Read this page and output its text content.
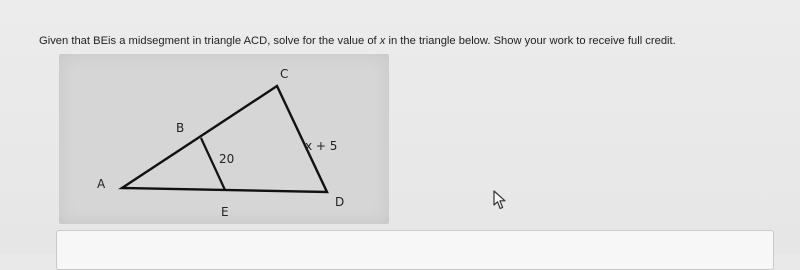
Given that BEis a midsegment in triangle ACD, solve for the value of x in the triangle below. Show your work to receive full credit.
A
B
C
D
E
20
x + 5
